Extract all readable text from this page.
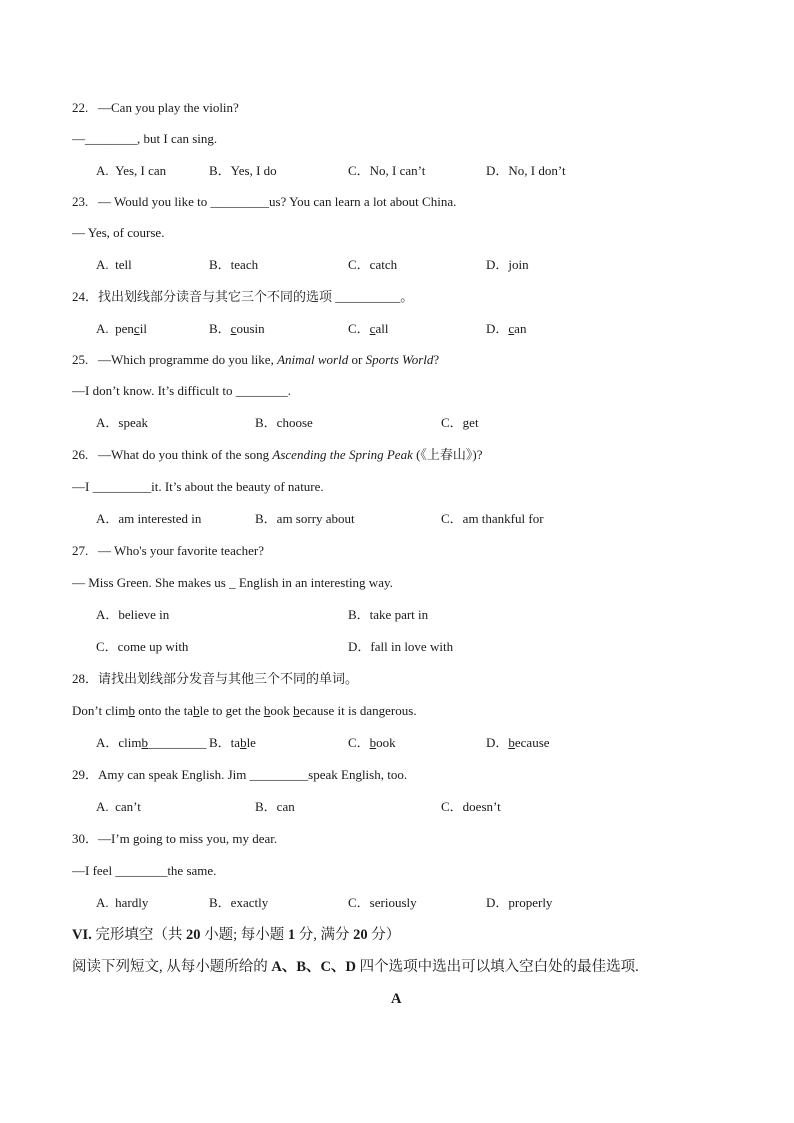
22.   —Can you play the violin?
—________, but I can sing.
A.  Yes, I can	B．Yes, I do	C．No, I can’t	D．No, I don’t
23.   — Would you like to _________us? You can learn a lot about China.
— Yes, of course.
A.  tell	B．teach	C．catch	D．join
24．找出划线部分读音与其它三个不同的选项 __________。
A.  pencil	B．cousin	C．call	D．can
25.   —Which programme do you like, Animal world or Sports World?
—I don’t know. It’s difficult to ________.
A．speak	B．choose	C．get
26.   —What do you think of the song Ascending the Spring Peak (《上春山》)?
—I _________it. It’s about the beauty of nature.
A．am interested in	B．am sorry about	C．am thankful for
27.   — Who's your favorite teacher?
— Miss Green. She makes us _ English in an interesting way.
A．believe in	B．take part in
C．come up with	D．fall in love with
28．请找出划线部分发音与其他三个不同的单词。
Don’t climb onto the table to get the book because it is dangerous.
A．climb_________ B．table	C．book	D．because
29．Amy can speak English. Jim _________speak English, too.
A.  can’t	B．can	C．doesn’t
30．—I’m going to miss you, my dear.
—I feel ________the same.
A.  hardly	B．exactly	C．seriously	D．properly
VI. 完形填空（共 20 小题; 每小题 1 分, 满分 20 分）
阅读下列短文, 从每小题所给的 A、B、C、D 四个选项中选出可以填入空白处的最佳选项.
A
